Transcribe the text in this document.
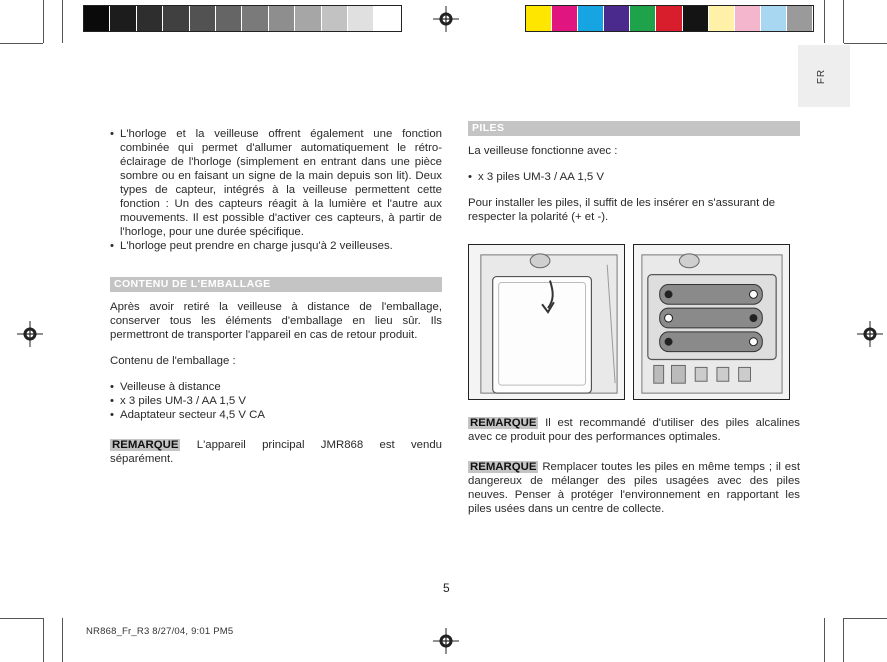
FR

• L'horloge et la veilleuse offrent également une fonction combinée qui permet d'allumer automatiquement le rétro-éclairage de l'horloge (simplement en entrant dans une pièce sombre ou en faisant un signe de la main depuis son lit). Deux types de capteur, intégrés à la veilleuse permettent cette fonction : Un des capteurs réagit à la lumière et l'autre aux mouvements. Il est possible d'activer ces capteurs, à partir de l'horloge, pour une durée spécifique.

• L'horloge peut prendre en charge jusqu'à 2 veilleuses.

CONTENU DE L'EMBALLAGE

Après avoir retiré la veilleuse à distance de l'emballage, conserver tous les éléments d'emballage en lieu sûr. Ils permettront de transporter l'appareil en cas de retour produit.

Contenu de l'emballage :

• Veilleuse à distance

• x 3 piles UM-3 / AA 1,5 V

• Adaptateur secteur 4,5 V CA

REMARQUE L'appareil principal JMR868 est vendu séparément.

PILES

La veilleuse fonctionne avec :

• x 3 piles UM-3 / AA 1,5 V

Pour installer les piles, il suffit de les insérer en s'assurant de respecter la polarité (+ et -).

REMARQUE Il est recommandé d'utiliser des piles alcalines avec ce produit pour des performances optimales.

REMARQUE Remplacer toutes les piles en même temps ; il est dangereux de mélanger des piles usagées avec des piles neuves. Penser à protéger l'environnement en rapportant les piles usées dans un centre de collecte.

5
NR868_Fr_R3 8/27/04, 9:01 PM5
